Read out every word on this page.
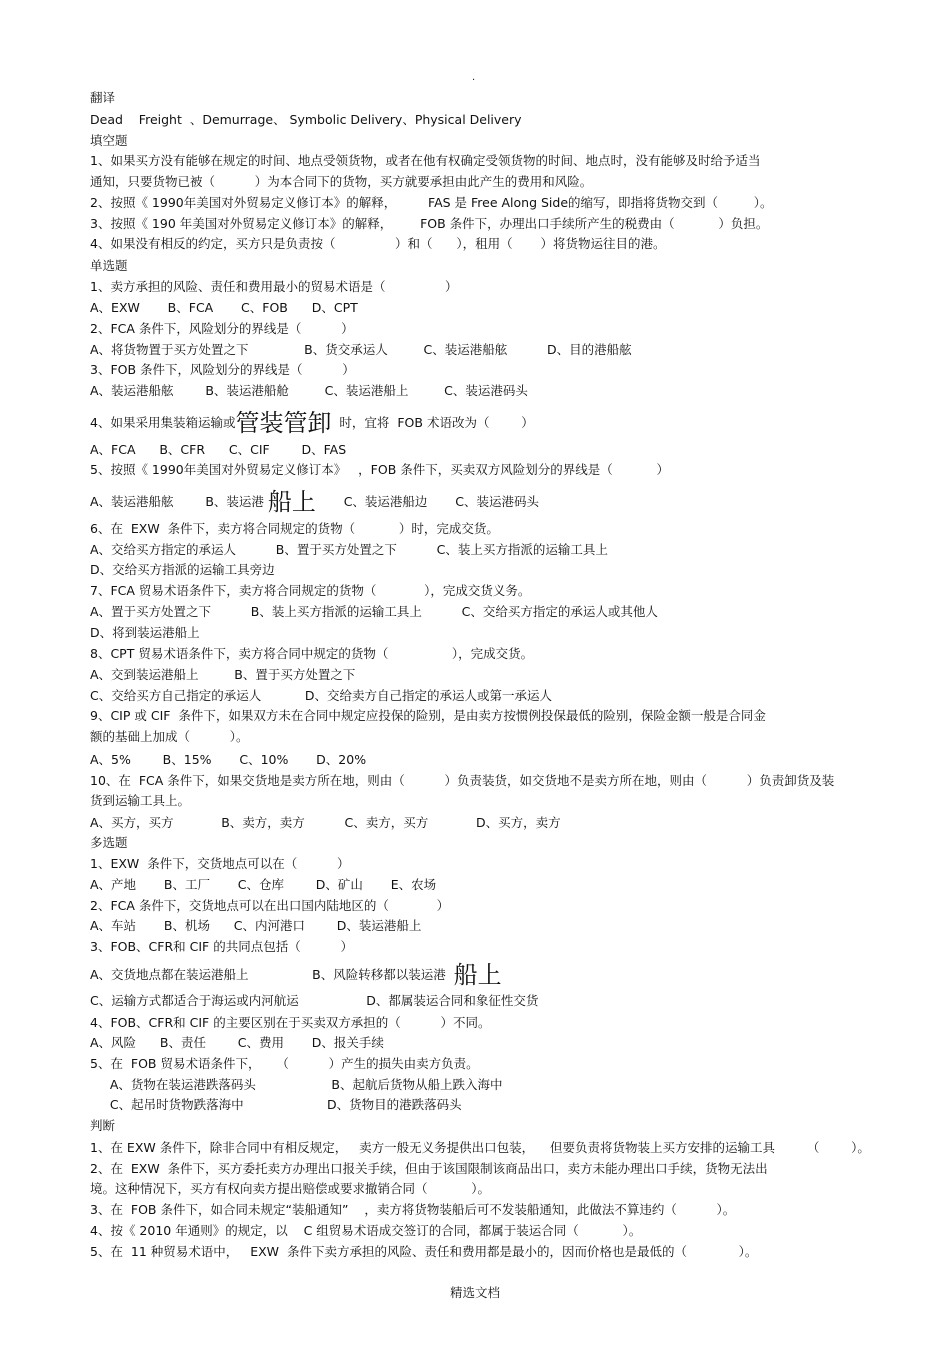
.
翻译
Dead    Freight  、Demurrage、 Symbolic Delivery、Physical Delivery
填空题
1、如果买方没有能够在规定的时间、地点受领货物，或者在他有权确定受领货物的时间、地点时，没有能够及时给予适当
通知，只要货物已被（          ）为本合同下的货物，买方就要承担由此产生的费用和风险。
2、按照《 1990年美国对外贸易定义修订本》的解释，        FAS 是 Free Along Side的缩写，即指将货物交到（         ）。
3、按照《 190 年美国对外贸易定义修订本》的解释，       FOB 条件下，办理出口手续所产生的税费由（           ）负担。
4、如果没有相反的约定，买方只是负责按（               ）和（      ），租用（       ）将货物运往目的港。
单选题
1、卖方承担的风险、责任和费用最小的贸易术语是（               ）
A、EXW       B、FCA       C、FOB      D、CPT
2、FCA 条件下，风险划分的界线是（          ）
A、将货物置于买方处置之下              B、货交承运人         C、装运港船舷          D、目的港船舷
3、FOB 条件下，风险划分的界线是（          ）
A、装运港船舷        B、装运港船舱         C、装运港船上         C、装运港码头
4、如果采用集装箱运输或管装管卸  时，宜将  FOB 术语改为（        ）
A、FCA      B、CFR      C、CIF        D、FAS
5、按照《 1990年美国对外贸易定义修订本》   ，FOB 条件下，买卖双方风险划分的界线是（           ）
A、装运港船舷        B、装运港 船上       C、装运港船边       C、装运港码头
6、在  EXW  条件下，卖方将合同规定的货物（           ）时，完成交货。
A、交给买方指定的承运人          B、置于买方处置之下          C、装上买方指派的运输工具上
D、交给买方指派的运输工具旁边
7、FCA 贸易术语条件下，卖方将合同规定的货物（            ），完成交货义务。
A、置于买方处置之下          B、装上买方指派的运输工具上          C、交给买方指定的承运人或其他人
D、将到装运港船上
8、CPT 贸易术语条件下，卖方将合同中规定的货物（                ），完成交货。
A、交到装运港船上         B、置于买方处置之下
C、交给买方自己指定的承运人           D、交给卖方自己指定的承运人或第一承运人
9、CIP 或 CIF  条件下，如果双方未在合同中规定应投保的险别，是由卖方按惯例投保最低的险别，保险金额一般是合同金
额的基础上加成（          ）。
A、5%        B、15%       C、10%       D、20%
10、在  FCA 条件下，如果交货地是卖方所在地，则由（          ）负责装货，如交货地不是卖方所在地，则由（          ）负责卸货及装
货到运输工具上。
A、买方，买方            B、卖方，卖方          C、卖方，买方            D、买方，卖方
多选题
1、EXW  条件下，交货地点可以在（          ）
A、产地       B、工厂       C、仓库        D、矿山       E、农场
2、FCA 条件下，交货地点可以在出口国内陆地区的（            ）
A、车站       B、机场      C、内河港口        D、装运港船上
3、FOB、CFR和 CIF 的共同点包括（          ）
A、交货地点都在装运港船上                B、风险转移都以装运港  船上
C、运输方式都适合于海运或内河航运                 D、都属装运合同和象征性交货
4、FOB、CFR和 CIF 的主要区别在于买卖双方承担的（          ）不同。
A、风险      B、责任        C、费用       D、报关手续
5、在  FOB 贸易术语条件下，    （          ）产生的损失由卖方负责。
A、货物在装运港跌落码头                   B、起航后货物从船上跌入海中
C、起吊时货物跌落海中                     D、货物目的港跌落码头
判断
1、在 EXW 条件下，除非合同中有相反规定，   卖方一般无义务提供出口包装，    但要负责将货物装上买方安排的运输工具        （        ）。
2、在  EXW  条件下，买方委托卖方办理出口报关手续，但由于该国限制该商品出口，卖方未能办理出口手续，货物无法出
境。这种情况下，买方有权向卖方提出赔偿或要求撤销合同（           ）。
3、在  FOB 条件下，如合同未规定“装船通知”    ，卖方将货物装船后可不发装船通知，此做法不算违约（          ）。
4、按《 2010 年通则》的规定，以    C 组贸易术语成交签订的合同，都属于装运合同（           ）。
5、在  11 种贸易术语中，   EXW  条件下卖方承担的风险、责任和费用都是最小的，因而价格也是最低的（             ）。
精选文档
